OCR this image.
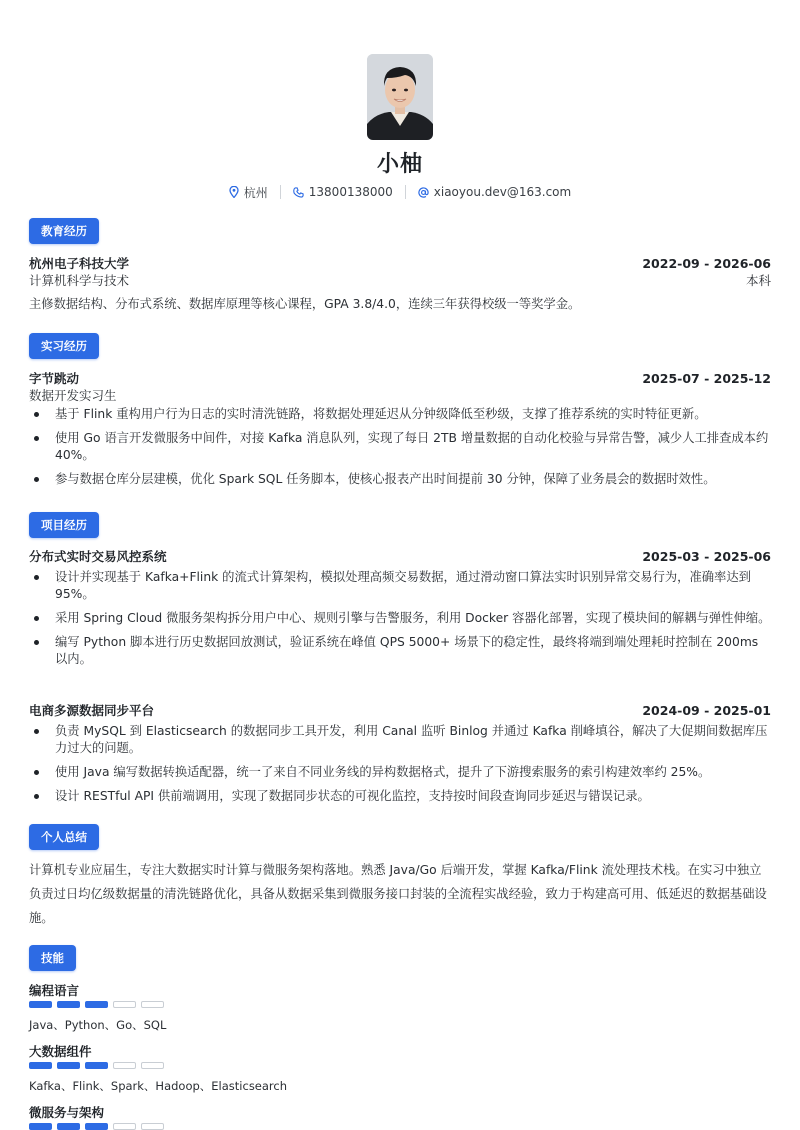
小柚
杭州	13800138000	xiaoyou.dev@163.com
教育经历
杭州电子科技大学	2022-09 - 2026-06
计算机科学与技术	本科
主修数据结构、分布式系统、数据库原理等核心课程，GPA 3.8/4.0，连续三年获得校级一等奖学金。
实习经历
字节跳动	2025-07 - 2025-12
数据开发实习生
基于 Flink 重构用户行为日志的实时清洗链路，将数据处理延迟从分钟级降低至秒级，支撑了推荐系统的实时特征更新。
使用 Go 语言开发微服务中间件，对接 Kafka 消息队列，实现了每日 2TB 增量数据的自动化校验与异常告警，减少人工排查成本约 40%。
参与数据仓库分层建模，优化 Spark SQL 任务脚本，使核心报表产出时间提前 30 分钟，保障了业务晨会的数据时效性。
项目经历
分布式实时交易风控系统	2025-03 - 2025-06
设计并实现基于 Kafka+Flink 的流式计算架构，模拟处理高频交易数据，通过滑动窗口算法实时识别异常交易行为，准确率达到 95%。
采用 Spring Cloud 微服务架构拆分用户中心、规则引擎与告警服务，利用 Docker 容器化部署，实现了模块间的解耦与弹性伸缩。
编写 Python 脚本进行历史数据回放测试，验证系统在峰值 QPS 5000+ 场景下的稳定性，最终将端到端处理耗时控制在 200ms 以内。
电商多源数据同步平台	2024-09 - 2025-01
负责 MySQL 到 Elasticsearch 的数据同步工具开发，利用 Canal 监听 Binlog 并通过 Kafka 削峰填谷，解决了大促期间数据库压力过大的问题。
使用 Java 编写数据转换适配器，统一了来自不同业务线的异构数据格式，提升了下游搜索服务的索引构建效率约 25%。
设计 RESTful API 供前端调用，实现了数据同步状态的可视化监控，支持按时间段查询同步延迟与错误记录。
个人总结
计算机专业应届生，专注大数据实时计算与微服务架构落地。熟悉 Java/Go 后端开发，掌握 Kafka/Flink 流处理技术栈。在实习中独立负责过日均亿级数据量的清洗链路优化，具备从数据采集到微服务接口封装的全流程实战经验，致力于构建高可用、低延迟的数据基础设施。
技能
编程语言
Java、Python、Go、SQL
大数据组件
Kafka、Flink、Spark、Hadoop、Elasticsearch
微服务与架构
